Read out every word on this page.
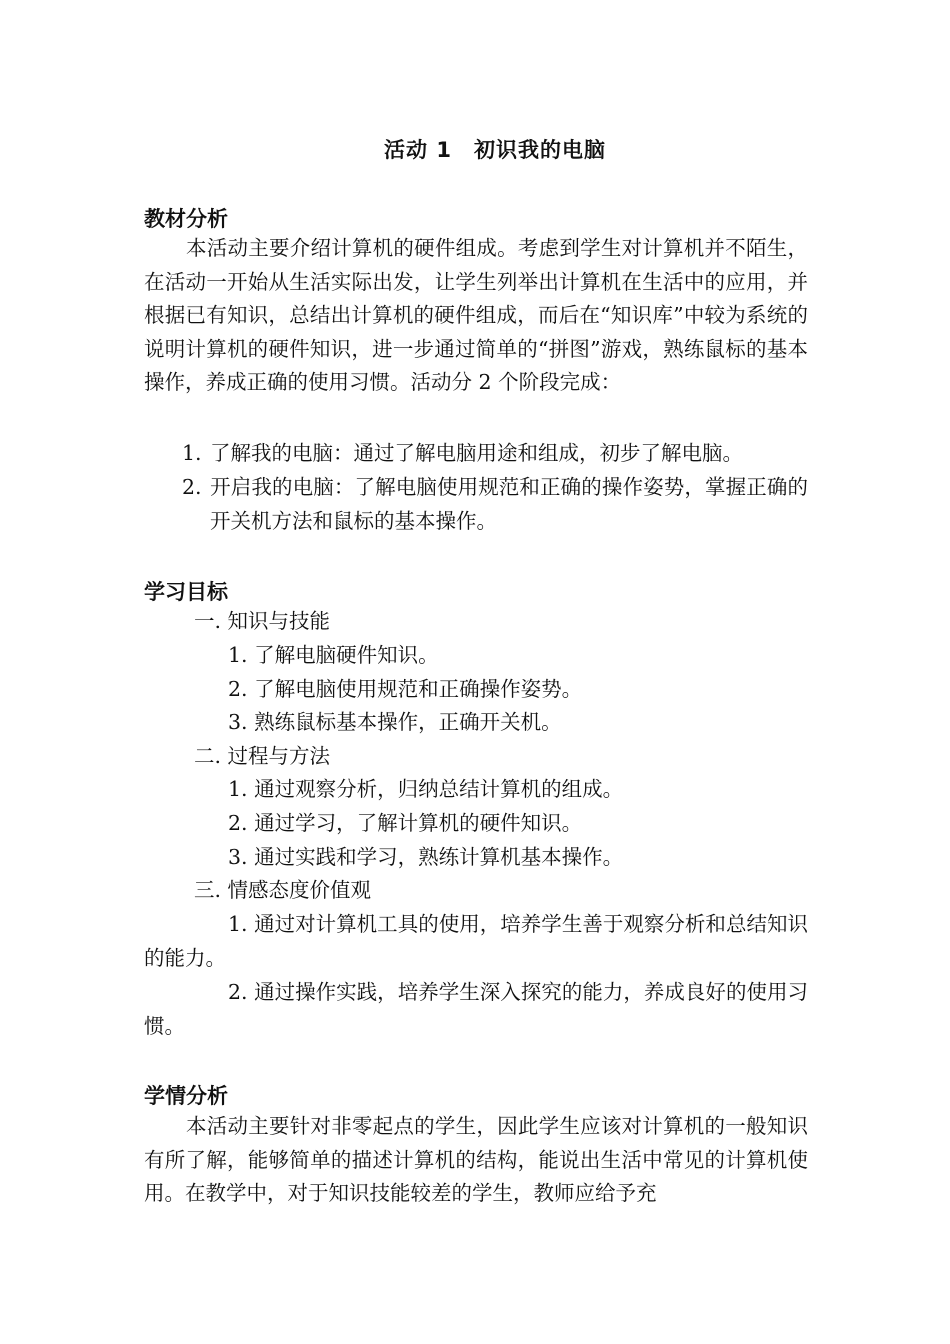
活动 1　初识我的电脑
教材分析

本活动主要介绍计算机的硬件组成。考虑到学生对计算机并不陌生，在活动一开始从生活实际出发，让学生列举出计算机在生活中的应用，并根据已有知识，总结出计算机的硬件组成，而后在“知识库”中较为系统的说明计算机的硬件知识，进一步通过简单的“拼图”游戏，熟练鼠标的基本操作，养成正确的使用习惯。活动分 2 个阶段完成：

1. 了解我的电脑：通过了解电脑用途和组成，初步了解电脑。

2. 开启我的电脑：了解电脑使用规范和正确的操作姿势，掌握正确的开关机方法和鼠标的基本操作。

学习目标

一. 知识与技能

1. 了解电脑硬件知识。

2. 了解电脑使用规范和正确操作姿势。

3. 熟练鼠标基本操作，正确开关机。

二. 过程与方法

1. 通过观察分析，归纳总结计算机的组成。

2. 通过学习，了解计算机的硬件知识。

3. 通过实践和学习，熟练计算机基本操作。

三. 情感态度价值观

1. 通过对计算机工具的使用，培养学生善于观察分析和总结知识的能力。

2. 通过操作实践，培养学生深入探究的能力，养成良好的使用习惯。

学情分析

本活动主要针对非零起点的学生，因此学生应该对计算机的一般知识有所了解，能够简单的描述计算机的结构，能说出生活中常见的计算机使用。在教学中，对于知识技能较差的学生，教师应给予充
